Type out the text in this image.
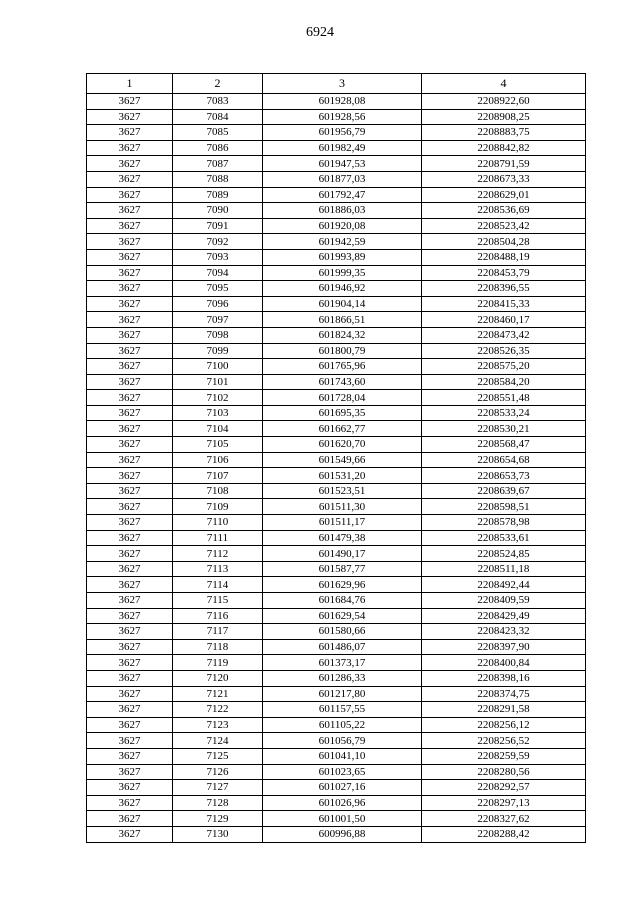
6924
1	2	3	4
3627	7083	601928,08	2208922,60
3627	7084	601928,56	2208908,25
3627	7085	601956,79	2208883,75
3627	7086	601982,49	2208842,82
3627	7087	601947,53	2208791,59
3627	7088	601877,03	2208673,33
3627	7089	601792,47	2208629,01
3627	7090	601886,03	2208536,69
3627	7091	601920,08	2208523,42
3627	7092	601942,59	2208504,28
3627	7093	601993,89	2208488,19
3627	7094	601999,35	2208453,79
3627	7095	601946,92	2208396,55
3627	7096	601904,14	2208415,33
3627	7097	601866,51	2208460,17
3627	7098	601824,32	2208473,42
3627	7099	601800,79	2208526,35
3627	7100	601765,96	2208575,20
3627	7101	601743,60	2208584,20
3627	7102	601728,04	2208551,48
3627	7103	601695,35	2208533,24
3627	7104	601662,77	2208530,21
3627	7105	601620,70	2208568,47
3627	7106	601549,66	2208654,68
3627	7107	601531,20	2208653,73
3627	7108	601523,51	2208639,67
3627	7109	601511,30	2208598,51
3627	7110	601511,17	2208578,98
3627	7111	601479,38	2208533,61
3627	7112	601490,17	2208524,85
3627	7113	601587,77	2208511,18
3627	7114	601629,96	2208492,44
3627	7115	601684,76	2208409,59
3627	7116	601629,54	2208429,49
3627	7117	601580,66	2208423,32
3627	7118	601486,07	2208397,90
3627	7119	601373,17	2208400,84
3627	7120	601286,33	2208398,16
3627	7121	601217,80	2208374,75
3627	7122	601157,55	2208291,58
3627	7123	601105,22	2208256,12
3627	7124	601056,79	2208256,52
3627	7125	601041,10	2208259,59
3627	7126	601023,65	2208280,56
3627	7127	601027,16	2208292,57
3627	7128	601026,96	2208297,13
3627	7129	601001,50	2208327,62
3627	7130	600996,88	2208288,42
